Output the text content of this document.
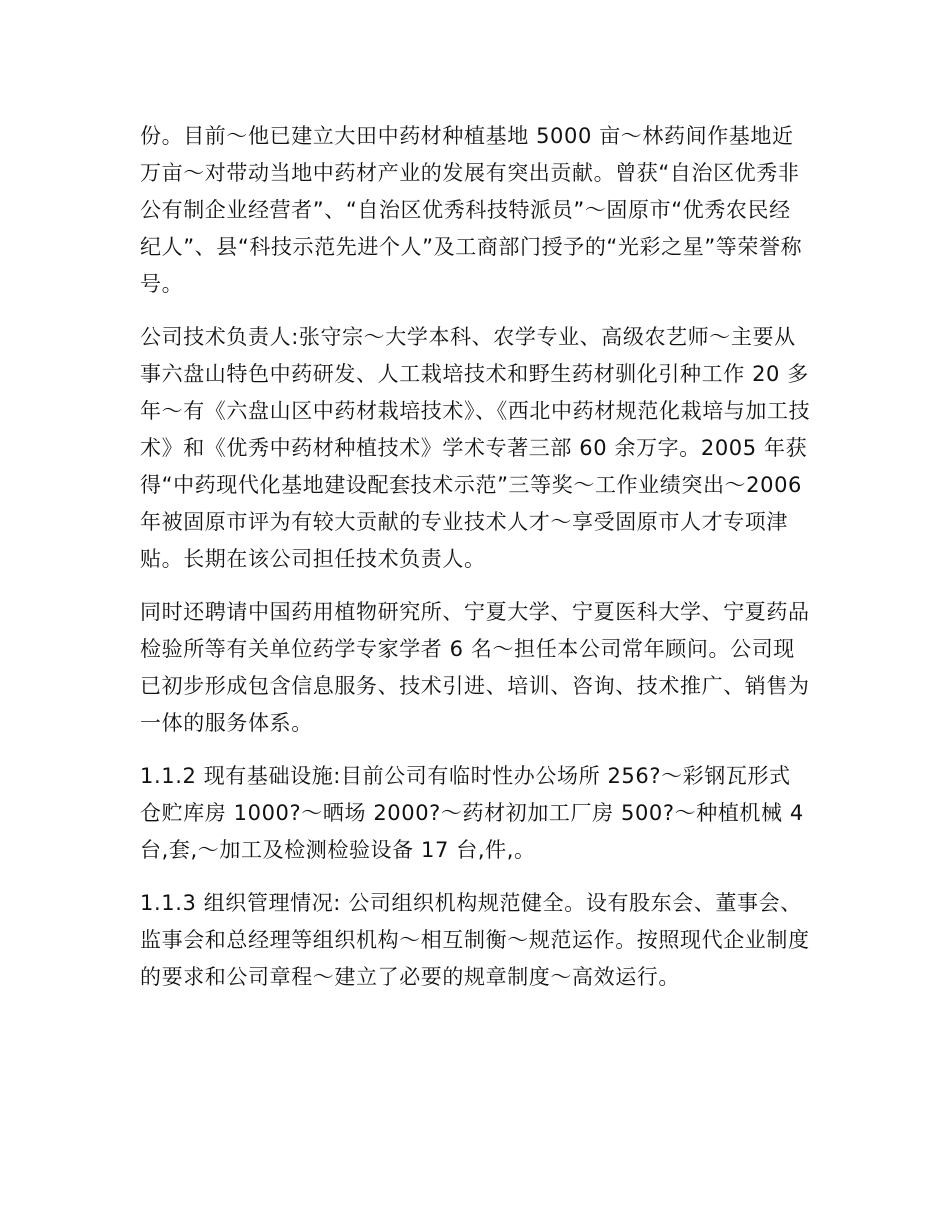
份。目前～他已建立大田中药材种植基地 5000 亩～林药间作基地近万亩～对带动当地中药材产业的发展有突出贡献。曾获“自治区优秀非公有制企业经营者”、“自治区优秀科技特派员”～固原市“优秀农民经纪人”、县“科技示范先进个人”及工商部门授予的“光彩之星”等荣誉称号。

公司技术负责人:张守宗～大学本科、农学专业、高级农艺师～主要从事六盘山特色中药研发、人工栽培技术和野生药材驯化引种工作 20 多年～有《六盘山区中药材栽培技术》、《西北中药材规范化栽培与加工技术》和《优秀中药材种植技术》学术专著三部 60 余万字。2005 年获得“中药现代化基地建设配套技术示范”三等奖～工作业绩突出～2006 年被固原市评为有较大贡献的专业技术人才～享受固原市人才专项津贴。长期在该公司担任技术负责人。

同时还聘请中国药用植物研究所、宁夏大学、宁夏医科大学、宁夏药品检验所等有关单位药学专家学者 6 名～担任本公司常年顾问。公司现已初步形成包含信息服务、技术引进、培训、咨询、技术推广、销售为一体的服务体系。

1.1.2 现有基础设施:目前公司有临时性办公场所 256?～彩钢瓦形式仓贮库房 1000?～晒场 2000?～药材初加工厂房 500?～种植机械 4 台,套,～加工及检测检验设备 17 台,件,。

1.1.3 组织管理情况: 公司组织机构规范健全。设有股东会、董事会、监事会和总经理等组织机构～相互制衡～规范运作。按照现代企业制度的要求和公司章程～建立了必要的规章制度～高效运行。
